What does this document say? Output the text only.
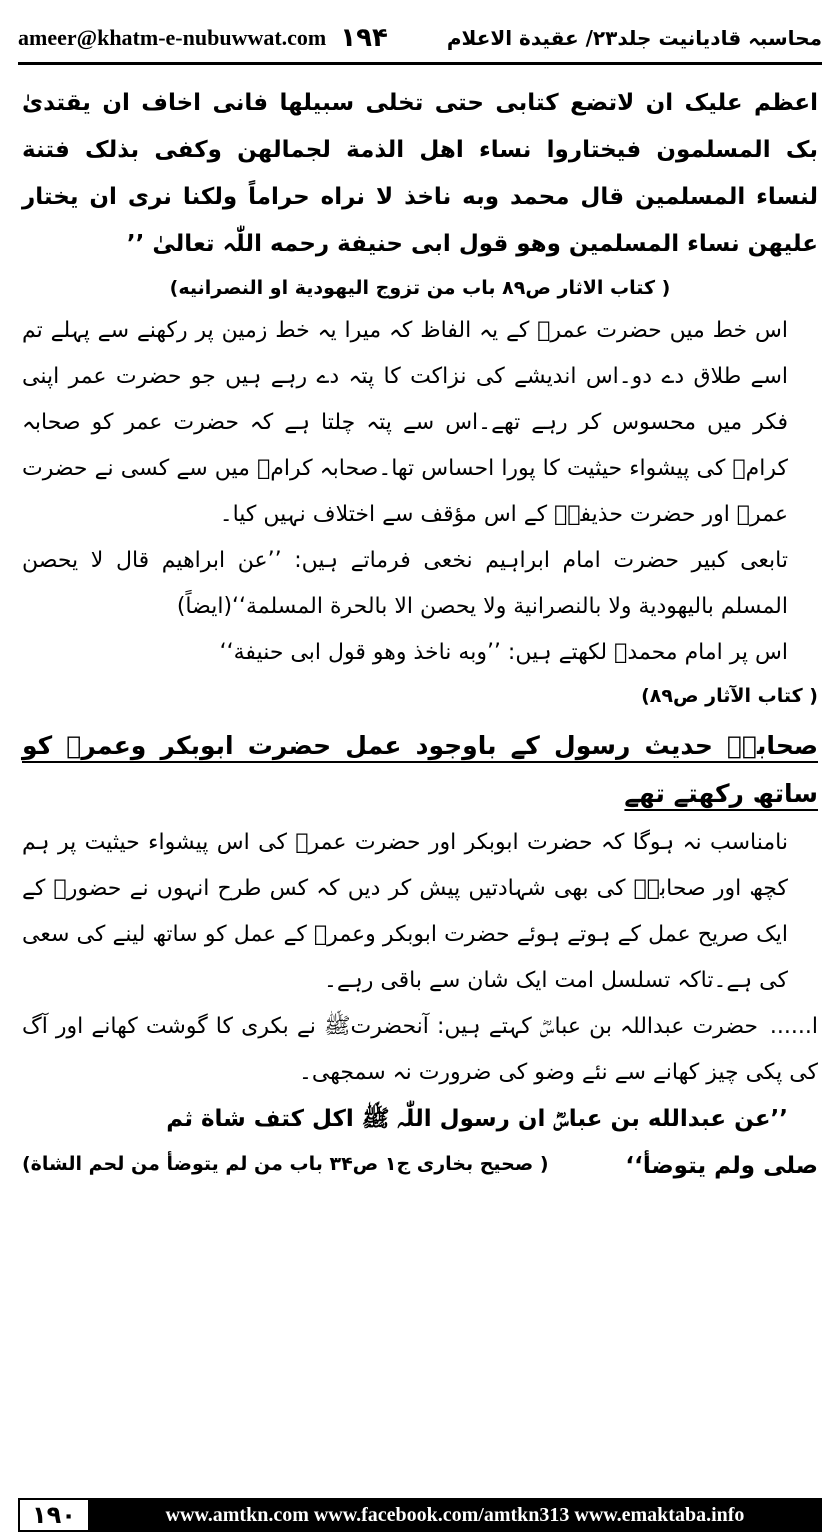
ameer@khatm-e-nubuwwat.com ۱۹۴	محاسبہ قادیانیت جلد۲۳/ عقیدة الاعلام

اعظم علیک ان لاتضع کتابی حتی تخلی سبیلها فانی اخاف ان یقتدیٰ بک المسلمون فیختاروا نساء اهل الذمة لجمالهن وکفی بذلک فتنة لنساء المسلمین قال محمد وبه ناخذ لا نراه حراماً ولکنا نری ان یختار علیهن نساء المسلمین وهو قول ابی حنیفة رحمه اللّٰہ تعالیٰ ’’

( کتاب الاثار ص۸۹ باب من تزوج الیهودیة او النصرانیه)

اس خط میں حضرت عمرؓ کے یہ الفاظ کہ میرا یہ خط زمین پر رکھنے سے پہلے تم اسے طلاق دے دو۔اس اندیشے کی نزاکت کا پتہ دے رہے ہیں جو حضرت عمر اپنی فکر میں محسوس کر رہے تھے۔اس سے پتہ چلتا ہے کہ حضرت عمر کو صحابہ کرامؓ کی پیشواء حیثیت کا پورا احساس تھا۔صحابہ کرامؓ میں سے کسی نے حضرت عمرؓ اور حضرت حذیفہؓ کے اس مؤقف سے اختلاف نہیں کیا۔

تابعی کبیر حضرت امام ابراہیم نخعی فرماتے ہیں: ’’عن ابراهیم قال لا یحصن المسلم بالیهودیة ولا بالنصرانیة ولا یحصن الا بالحرة المسلمة‘‘(ایضاً)

اس پر امام محمدؒ لکھتے ہیں: ’’وبه ناخذ وهو قول ابی حنیفة‘‘

( کتاب الآثار ص۸۹)

صحابہؓ حدیث رسول کے باوجود عمل حضرت ابوبکر وعمرؓ کو ساتھ رکھتے تھے

نامناسب نہ ہوگا کہ حضرت ابوبکر اور حضرت عمرؓ کی اس پیشواء حیثیت پر ہم کچھ اور صحابہؓ کی بھی شہادتیں پیش کر دیں کہ کس طرح انہوں نے حضورﷺ کے ایک صریح عمل کے ہوتے ہوئے حضرت ابوبکر وعمرؓ کے عمل کو ساتھ لینے کی سعی کی ہے۔تاکہ تسلسل امت ایک شان سے باقی رہے۔

ا......حضرت عبداللہ بن عباسؓ کہتے ہیں: آنحضرتﷺ نے بکری کا گوشت کھانے اور آگ کی پکی چیز کھانے سے نئے وضو کی ضرورت نہ سمجھی۔

’’عن عبدالله بن عباسؓ ان رسول اللّٰہ ﷺ اکل کتف شاة ثم

صلی ولم یتوضأ‘‘
( صحیح بخاری ج۱ ص۳۴ باب من لم یتوضأ من لحم الشاة)
۱۹۰	www.amtkn.com www.facebook.com/amtkn313 www.emaktaba.info
